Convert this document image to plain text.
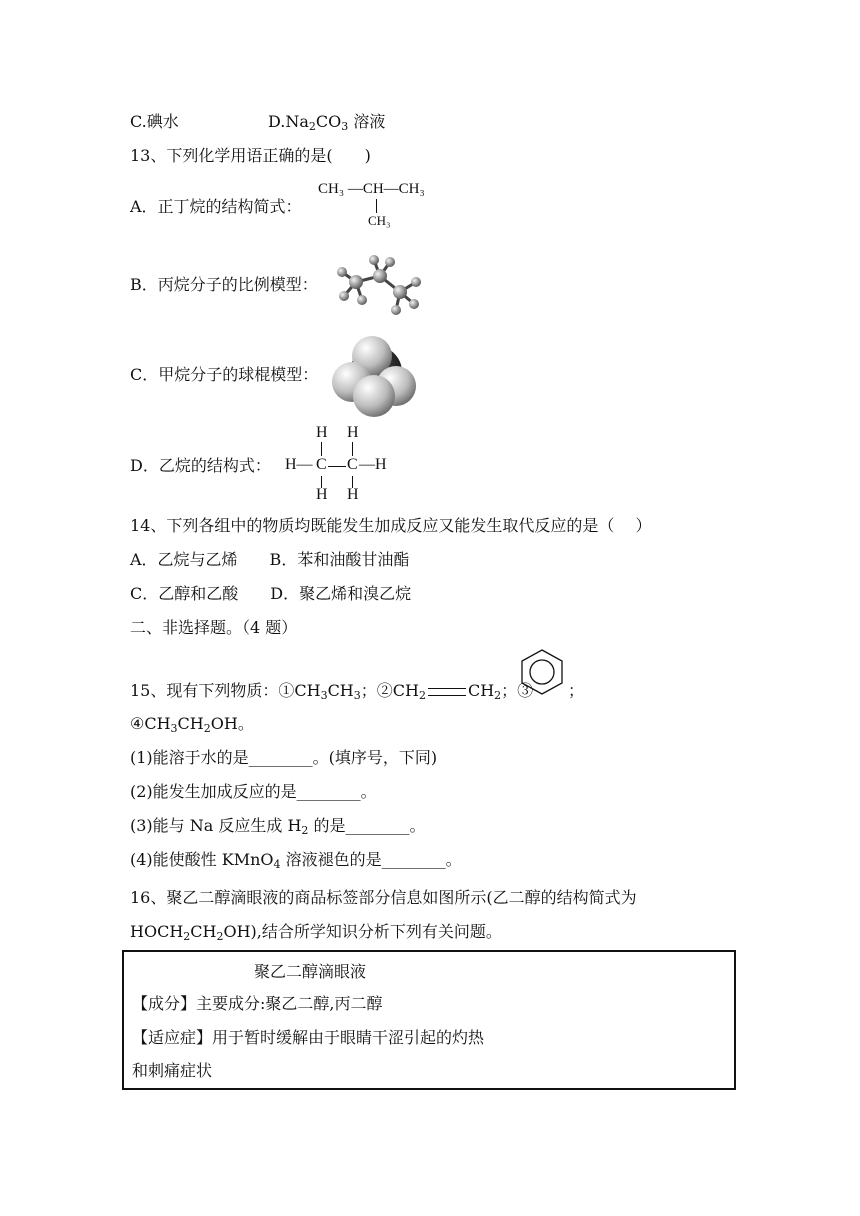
C.碘水	$D.Na_2CO_3$ 溶液
13、下列化学用语正确的是(　　)
A．正丁烷的结构简式：
CH₃ —CH—CH₃
CH₃
B．丙烷分子的比例模型：
C．甲烷分子的球棍模型：
D．乙烷的结构式：
H H
H— C C —H
H H
14、下列各组中的物质均既能发生加成反应又能发生取代反应的是（　 ）
A．乙烷与乙烯　　B．苯和油酸甘油酯
C．乙醇和乙酸　　D．聚乙烯和溴乙烷
二、非选择题。（4 题）
15、现有下列物质：$①CH_3CH_3$；$②CH_2$	$CH_2$；③ ；
$④CH_3CH_2OH$。
(1)能溶于水的是________。(填序号，下同)
(2)能发生加成反应的是________。
(3)能与 Na 反应生成 $H_2$ 的是________。
(4)能使酸性 KMnO$_4$ 溶液褪色的是________。
16、聚乙二醇滴眼液的商品标签部分信息如图所示(乙二醇的结构简式为
$HOCH_2CH_2OH$),结合所学知识分析下列有关问题。
聚乙二醇滴眼液
【成分】主要成分:聚乙二醇,丙二醇
【适应症】用于暂时缓解由于眼睛干涩引起的灼热
和刺痛症状
